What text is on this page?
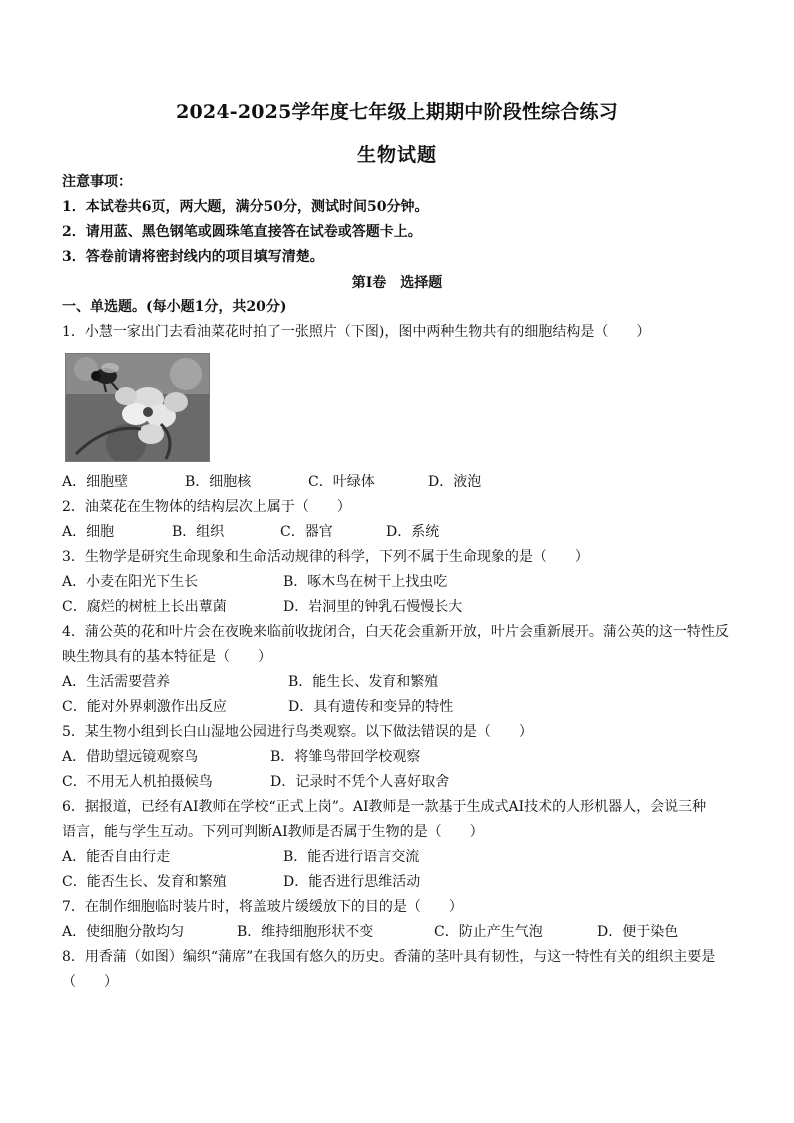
2024-2025学年度七年级上期期中阶段性综合练习
生物试题
注意事项：
1．本试卷共6页，两大题，满分50分，测试时间50分钟。
2．请用蓝、黑色钢笔或圆珠笔直接答在试卷或答题卡上。
3．答卷前请将密封线内的项目填写清楚。
第Ⅰ卷　选择题
一、单选题。(每小题1分，共20分)
1．小慧一家出门去看油菜花时拍了一张照片（下图)，图中两种生物共有的细胞结构是（　　）
A．细胞壁	B．细胞核	C．叶绿体	D．液泡
2．油菜花在生物体的结构层次上属于（　　）
A．细胞	B．组织	C．器官	D．系统
3．生物学是研究生命现象和生命活动规律的科学，下列不属于生命现象的是（　　）
A．小麦在阳光下生长	B．啄木鸟在树干上找虫吃
C．腐烂的树桩上长出蕈菌	D．岩洞里的钟乳石慢慢长大
4．蒲公英的花和叶片会在夜晚来临前收拢闭合，白天花会重新开放，叶片会重新展开。蒲公英的这一特性反
映生物具有的基本特征是（　　）
A．生活需要营养	B．能生长、发育和繁殖
C．能对外界刺激作出反应	D．具有遗传和变异的特性
5．某生物小组到长白山湿地公园进行鸟类观察。以下做法错误的是（　　）
A．借助望远镜观察鸟	B．将雏鸟带回学校观察
C．不用无人机拍摄候鸟	D．记录时不凭个人喜好取舍
6．据报道，已经有AI教师在学校“正式上岗”。AI教师是一款基于生成式AI技术的人形机器人，会说三种
语言，能与学生互动。下列可判断AI教师是否属于生物的是（　　）
A．能否自由行走	B．能否进行语言交流
C．能否生长、发育和繁殖	D．能否进行思维活动
7．在制作细胞临时装片时，将盖玻片缓缓放下的目的是（　　）
A．使细胞分散均匀	B．维持细胞形状不变	C．防止产生气泡	D．便于染色
8．用香蒲（如图）编织“蒲席”在我国有悠久的历史。香蒲的茎叶具有韧性，与这一特性有关的组织主要是
（　　）
